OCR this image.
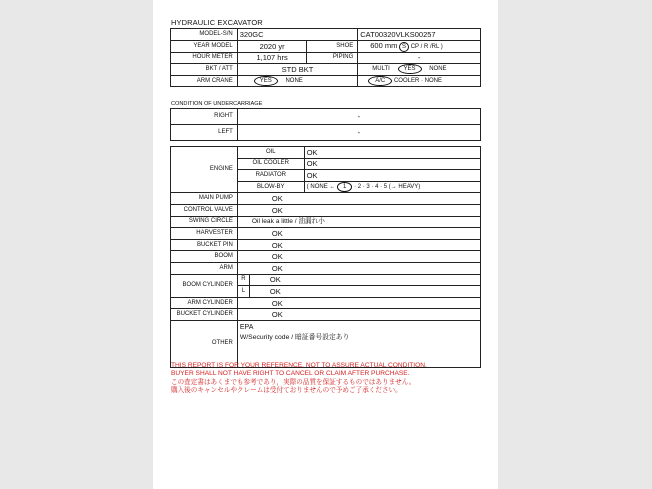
HYDRAULIC EXCAVATOR
MODEL-S/N	320GC		CAT00320VLKS00257
YEAR MODEL	2020 yr	SHOE	600 mm S CP / R /RL )
HOUR METER	1,107 hrs	PIPING	-
BKT / ATT	STD BKT		MULTI YES NONE
ARM CRANE	YES NONE		A/C COOLER · NONE
CONDITION OF UNDERCARRIAGE
RIGHT	-
LEFT	-
ENGINE	OIL		OK
	OIL COOLER		OK
	RADIATOR		OK
	BLOW-BY		( NONE ← 1 · 2 · 3 · 4 · 5 (→ HEAVY)
MAIN PUMP	OK		
CONTROL VALVE	OK		
SWING CIRCLE	Oil leak a little / 油漏れ小		
HARVESTER	OK		
BUCKET PIN	OK		
BOOM	OK		
ARM	OK		
BOOM CYLINDER	R	OK	
	L	OK	
ARM CYLINDER	OK		
BUCKET CYLINDER	OK		
OTHER	EPA
W/Security code / 暗証番号設定あり		
THIS REPORT IS FOR YOUR REFERENCE, NOT TO ASSURE ACTUAL CONDITION.
BUYER SHALL NOT HAVE RIGHT TO CANCEL OR CLAIM AFTER PURCHASE.
この査定書はあくまでも参考であり，実際の品質を保証するものではありません。
購入後のキャンセルやクレームは受付ておりませんので予めご了承ください。
